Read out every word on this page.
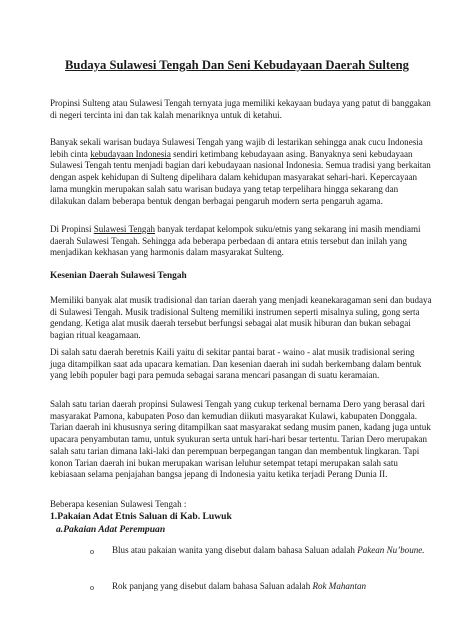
Budaya Sulawesi Tengah Dan Seni Kebudayaan Daerah Sulteng

Propinsi Sulteng atau Sulawesi Tengah ternyata juga memiliki kekayaan budaya yang patut di banggakan di negeri tercinta ini dan tak kalah menariknya untuk di ketahui.

Banyak sekali warisan budaya Sulawesi Tengah yang wajib di lestarikan sehingga anak cucu Indonesia lebih cinta kebudayaan Indonesia sendiri ketimbang kebudayaan asing. Banyaknya seni kebudayaan Sulawesi Tengah tentu menjadi bagian dari kebudayaan nasional Indonesia. Semua tradisi yang berkaitan dengan aspek kehidupan di Sulteng dipelihara dalam kehidupan masyarakat sehari-hari. Kepercayaan lama mungkin merupakan salah satu warisan budaya yang tetap terpelihara hingga sekarang dan dilakukan dalam beberapa bentuk dengan berbagai pengaruh modern serta pengaruh agama.

Di Propinsi Sulawesi Tengah banyak terdapat kelompok suku/etnis yang sekarang ini masih mendiami daerah Sulawesi Tengah. Sehingga ada beberapa perbedaan di antara etnis tersebut dan inilah yang menjadikan kekhasan yang harmonis dalam masyarakat Sulteng.

Kesenian Daerah Sulawesi Tengah

Memiliki banyak alat musik tradisional dan tarian daerah yang menjadi keanekaragaman seni dan budaya di Sulawesi Tengah. Musik tradisional Sulteng memiliki instrumen seperti misalnya suling, gong serta gendang. Ketiga alat musik daerah tersebut berfungsi sebagai alat musik hiburan dan bukan sebagai bagian ritual keagamaan.

Di salah satu daerah beretnis Kaili yaitu di sekitar pantai barat - waino - alat musik tradisional sering juga ditampilkan saat ada upacara kematian. Dan kesenian daerah ini sudah berkembang dalam bentuk yang lebih populer bagi para pemuda sebagai sarana mencari pasangan di suatu keramaian.

Salah satu tarian daerah propinsi Sulawesi Tengah yang cukup terkenal bernama Dero yang berasal dari masyarakat Pamona, kabupaten Poso dan kemudian diikuti masyarakat Kulawi, kabupaten Donggala. Tarian daerah ini khususnya sering ditampilkan saat masyarakat sedang musim panen, kadang juga untuk upacara penyambutan tamu, untuk syukuran serta untuk hari-hari besar tertentu. Tarian Dero merupakan salah satu tarian dimana laki-laki dan perempuan berpegangan tangan dan membentuk lingkaran. Tapi konon Tarian daerah ini bukan merupakan warisan leluhur setempat tetapi merupakan salah satu kebiasaan selama penjajahan bangsa jepang di Indonesia yaitu ketika terjadi Perang Dunia II.

Beberapa kesenian Sulawesi Tengah :

1.Pakaian Adat Etnis Saluan di Kab. Luwuk

a.Pakaian Adat Perempuan

o	Blus atau pakaian wanita yang disebut dalam bahasa Saluan adalah Pakean Nu’boune.

o	Rok panjang yang disebut dalam bahasa Saluan adalah Rok Mahantan
